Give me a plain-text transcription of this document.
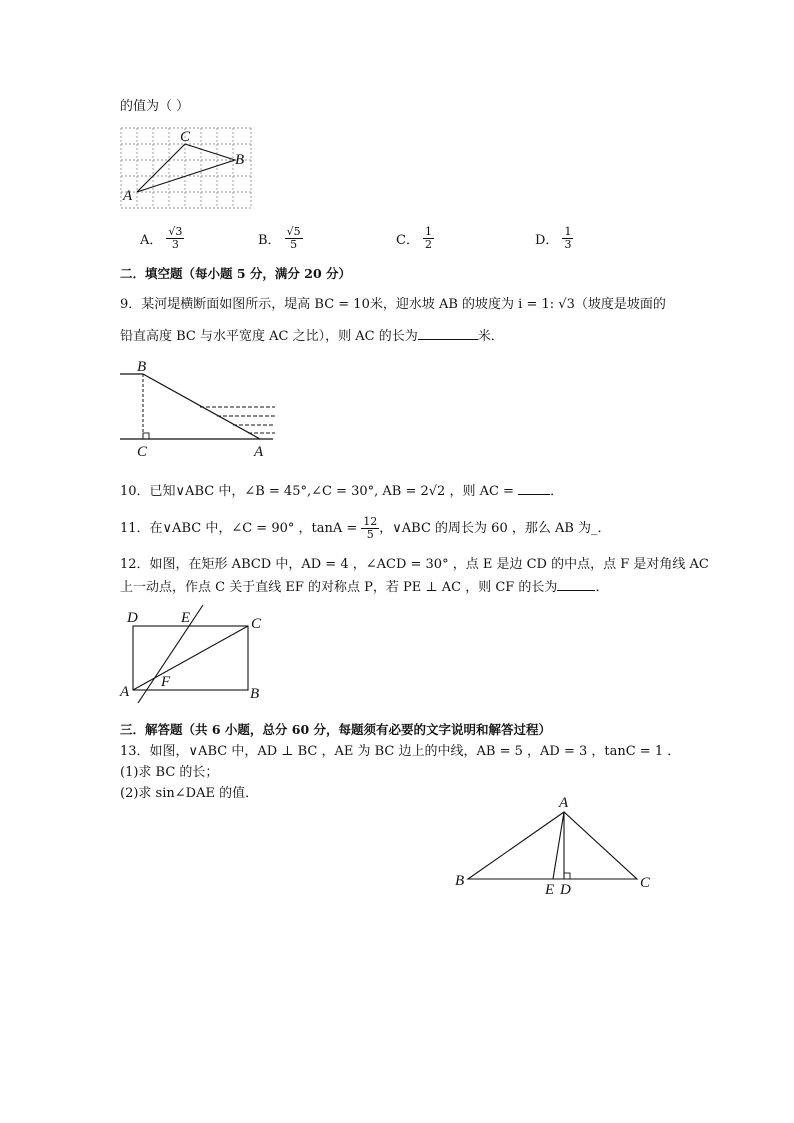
的值为（ ）
C
B
A
A． $\frac{√3}{3}$	B． $\frac{√5}{5}$	C． $\frac{1}{2}$	D． $\frac{1}{3}$
二．填空题（每小题 5 分，满分 20 分）
9．某河堤横断面如图所示，堤高 BC = 10米，迎水坡 AB 的坡度为 i = 1: √3（坡度是坡面的
铅直高度 BC 与水平宽度 AC 之比），则 AC 的长为	米．
B
C	A
10．已知∨ABC 中，∠B = 45°,∠C = 30°, AB = 2√2 ，则 AC =	．
11．在∨ABC 中，∠C = 90° ，$\tan A = \frac{12}{5}$ ，∨ABC 的周长为 60 ，那么 AB 为_．
12．如图，在矩形 ABCD 中，AD = 4 ，∠ACD = 30° ，点 E 是边 CD 的中点，点 F 是对角线 AC
上一动点，作点 C 关于直线 EF 的对称点 P，若 PE ⊥ AC ，则 CF 的长为	．
D	E	C
A
F
B
三．解答题（共 6 小题，总分 60 分，每题须有必要的文字说明和解答过程）
13．如图，∨ABC 中，AD ⊥ BC ，AE 为 BC 边上的中线，AB = 5 ，AD = 3 ，tanC = 1 ．
(1)求 BC 的长；
(2)求 sin∠DAE 的值．
A
B
E D	C
